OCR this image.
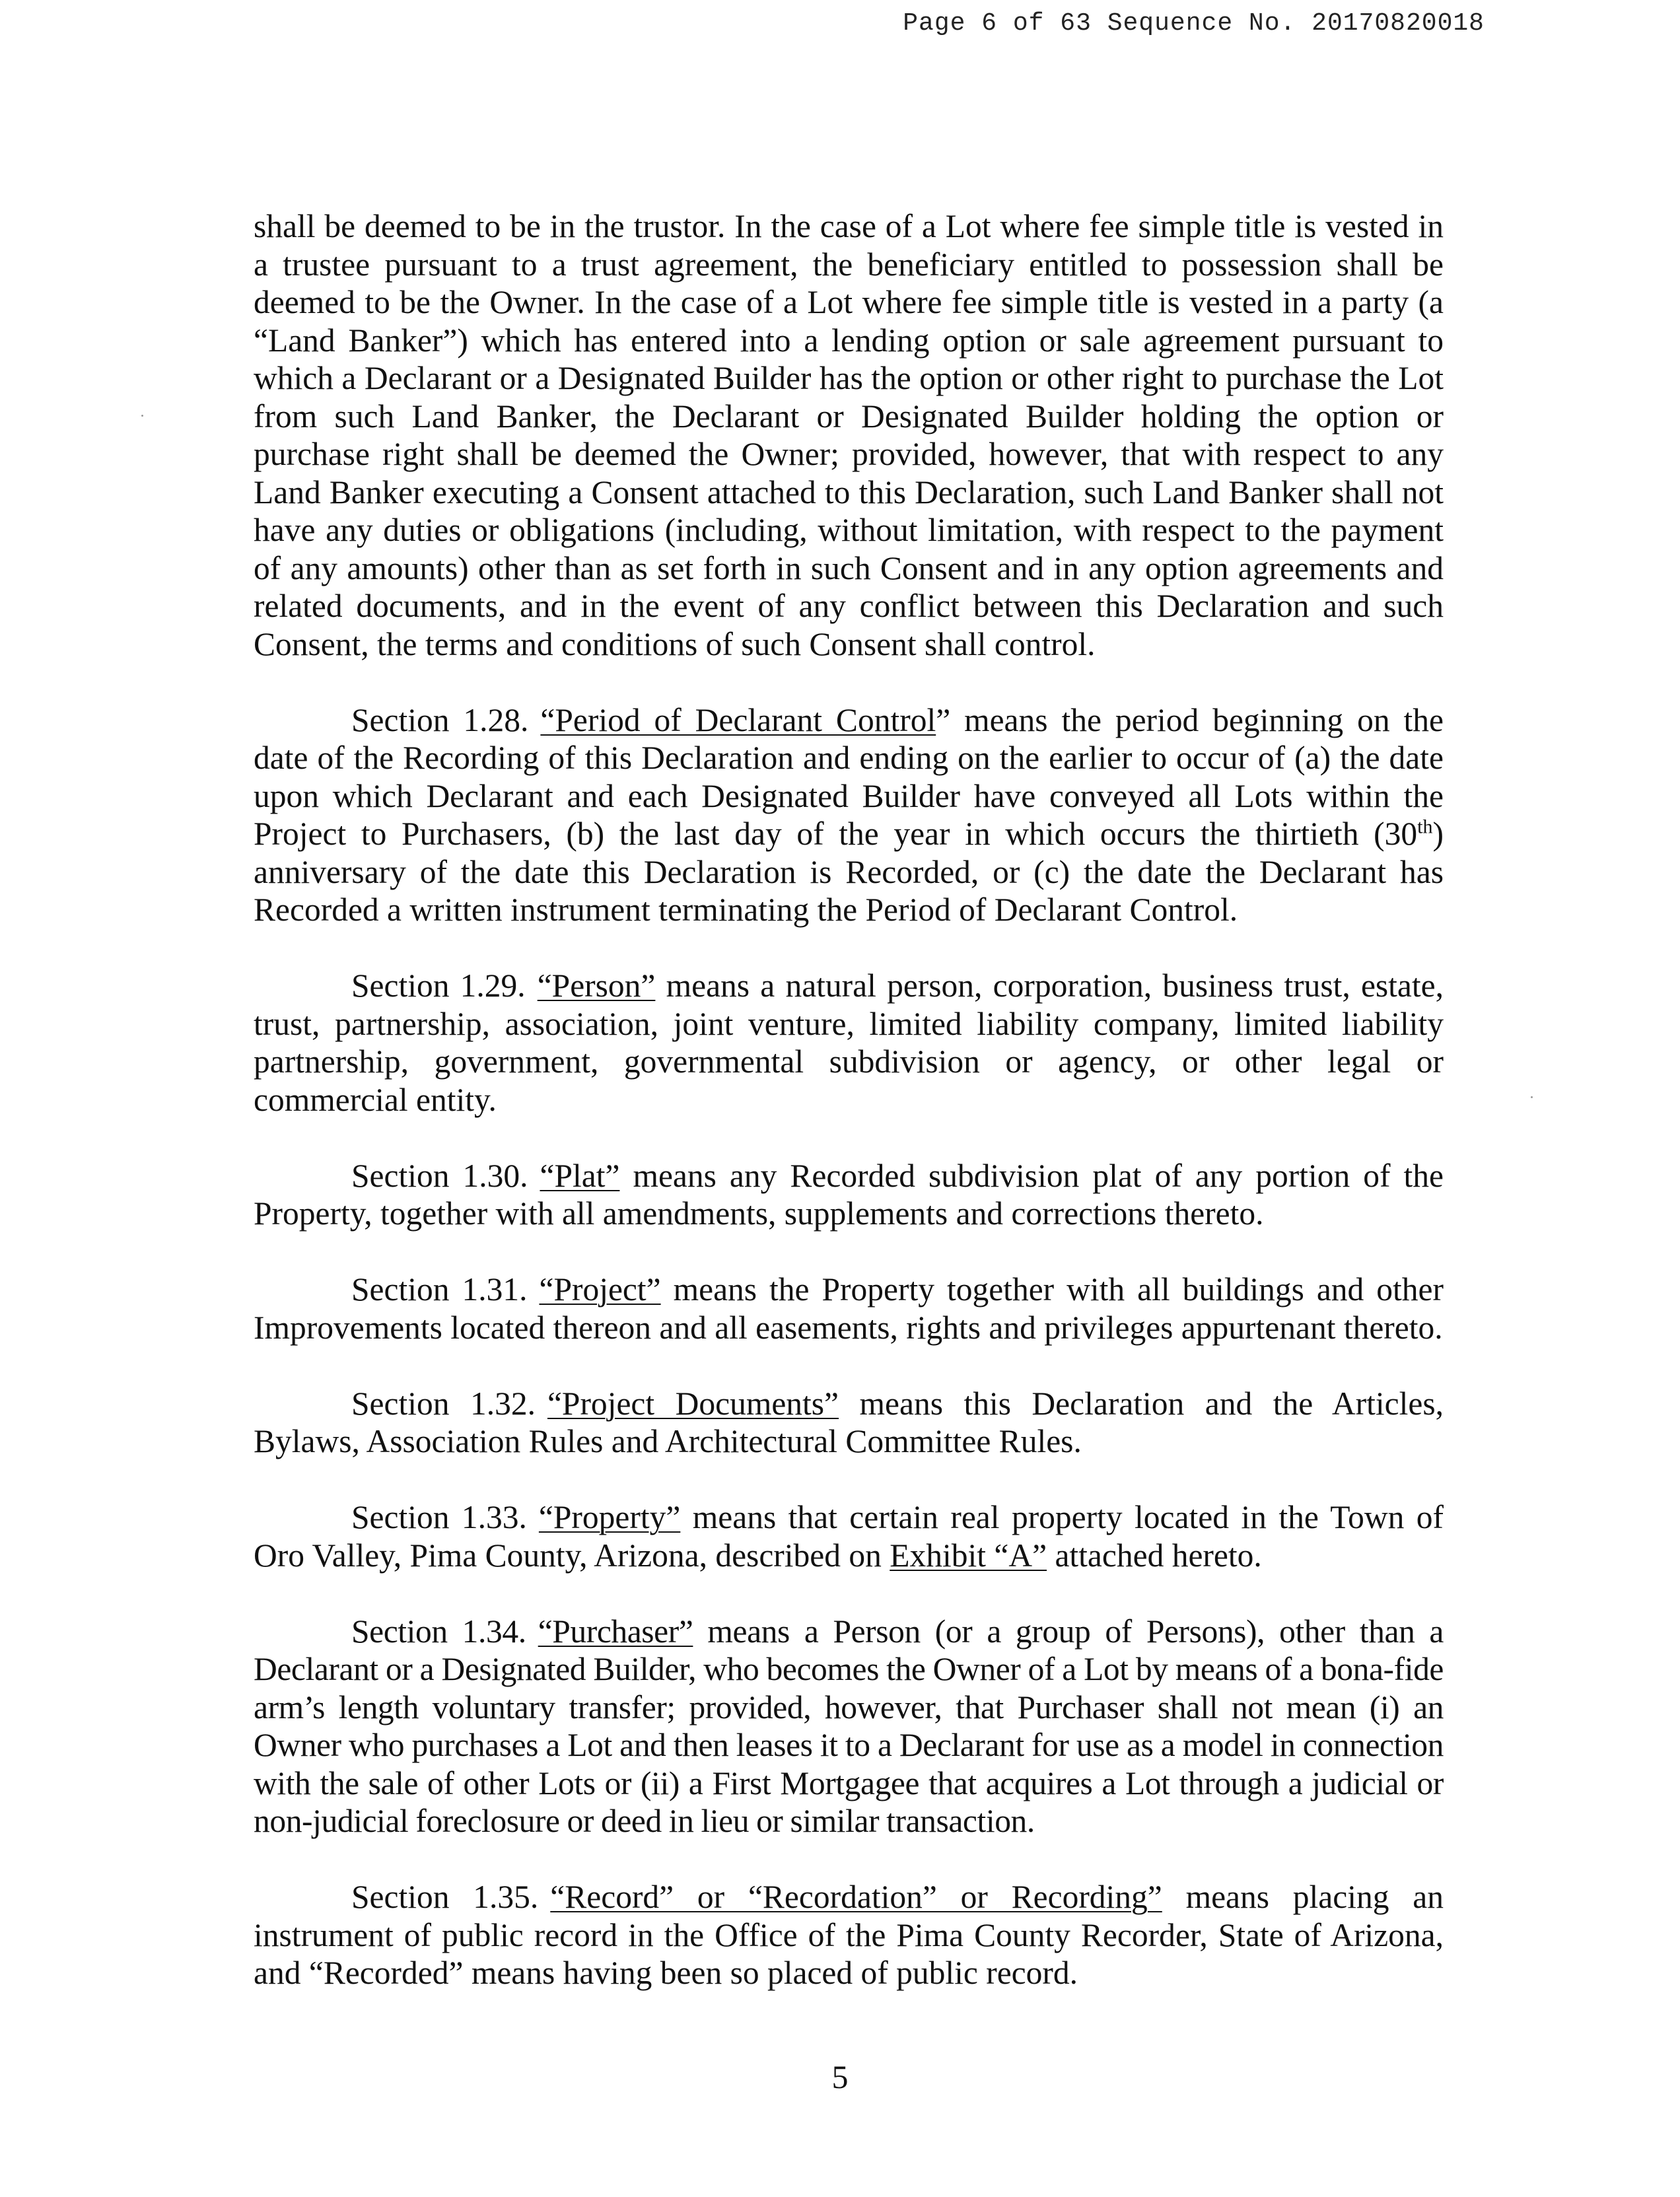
Page 6 of 63 Sequence No. 20170820018

shall be deemed to be in the trustor. In the case of a Lot where fee simple title is vested in a trustee pursuant to a trust agreement, the beneficiary entitled to possession shall be deemed to be the Owner. In the case of a Lot where fee simple title is vested in a party (a “Land Banker”) which has entered into a lending option or sale agreement pursuant to which a Declarant or a Designated Builder has the option or other right to purchase the Lot from such Land Banker, the Declarant or Designated Builder holding the option or purchase right shall be deemed the Owner; provided, however, that with respect to any Land Banker executing a Consent attached to this Declaration, such Land Banker shall not have any duties or obligations (including, without limitation, with respect to the payment of any amounts) other than as set forth in such Consent and in any option agreements and related documents, and in the event of any conflict between this Declaration and such Consent, the terms and conditions of such Consent shall control.

Section 1.28. “Period of Declarant Control” means the period beginning on the date of the Recording of this Declaration and ending on the earlier to occur of (a) the date upon which Declarant and each Designated Builder have conveyed all Lots within the Project to Purchasers, (b) the last day of the year in which occurs the thirtieth (30th) anniversary of the date this Declaration is Recorded, or (c) the date the Declarant has Recorded a written instrument terminating the Period of Declarant Control.

Section 1.29. “Person” means a natural person, corporation, business trust, estate, trust, partnership, association, joint venture, limited liability company, limited liability partnership, government, governmental subdivision or agency, or other legal or commercial entity.

Section 1.30. “Plat” means any Recorded subdivision plat of any portion of the Property, together with all amendments, supplements and corrections thereto.

Section 1.31. “Project” means the Property together with all buildings and other Improvements located thereon and all easements, rights and privileges appurtenant thereto.

Section 1.32. “Project Documents” means this Declaration and the Articles, Bylaws, Association Rules and Architectural Committee Rules.

Section 1.33. “Property” means that certain real property located in the Town of Oro Valley, Pima County, Arizona, described on Exhibit “A” attached hereto.

Section 1.34. “Purchaser” means a Person (or a group of Persons), other than a Declarant or a Designated Builder, who becomes the Owner of a Lot by means of a bona-fide arm’s length voluntary transfer; provided, however, that Purchaser shall not mean (i) an Owner who purchases a Lot and then leases it to a Declarant for use as a model in connection with the sale of other Lots or (ii) a First Mortgagee that acquires a Lot through a judicial or non-judicial foreclosure or deed in lieu or similar transaction.

Section 1.35. “Record” or “Recordation” or Recording” means placing an instrument of public record in the Office of the Pima County Recorder, State of Arizona, and “Recorded” means having been so placed of public record.

5
